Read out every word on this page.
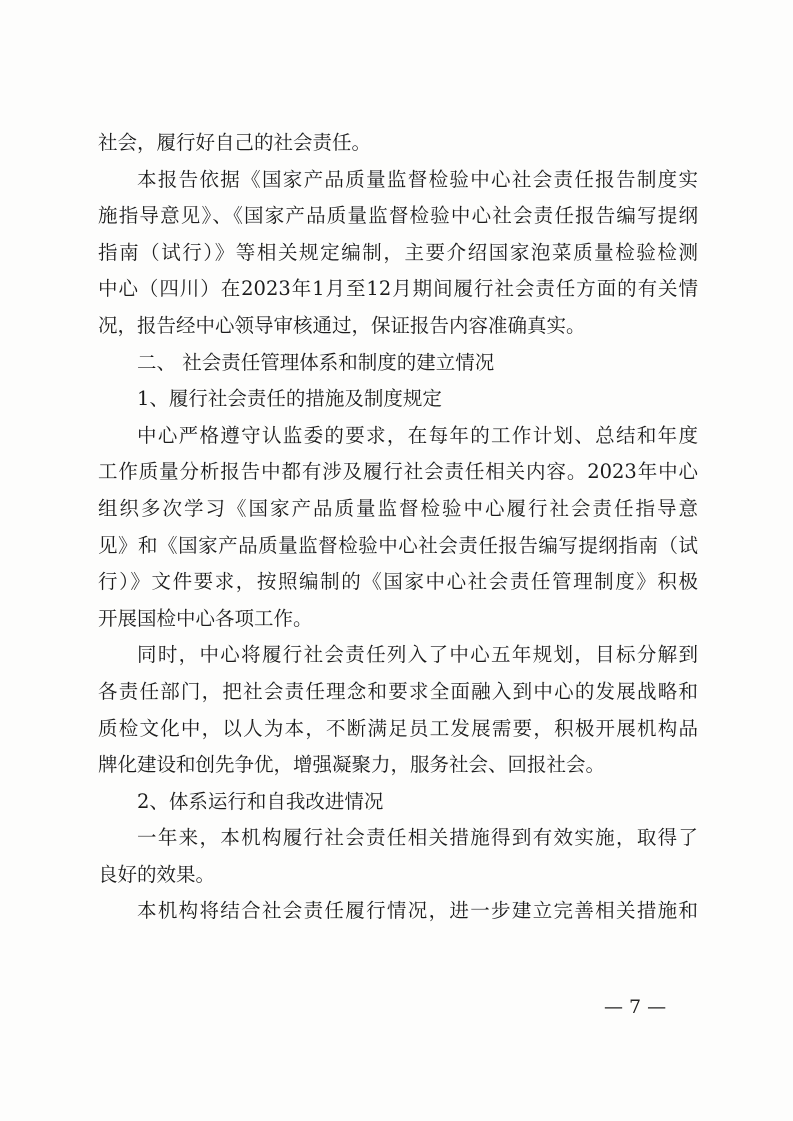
社会，履行好自己的社会责任。
本报告依据《国家产品质量监督检验中心社会责任报告制度实
施指导意见》、《国家产品质量监督检验中心社会责任报告编写提纲
指南（试行）》等相关规定编制，主要介绍国家泡菜质量检验检测
中心（四川）在2023年1月至12月期间履行社会责任方面的有关情
况，报告经中心领导审核通过，保证报告内容准确真实。
二、 社会责任管理体系和制度的建立情况
1、履行社会责任的措施及制度规定
中心严格遵守认监委的要求，在每年的工作计划、总结和年度
工作质量分析报告中都有涉及履行社会责任相关内容。2023年中心
组织多次学习《国家产品质量监督检验中心履行社会责任指导意
见》和《国家产品质量监督检验中心社会责任报告编写提纲指南（试
行）》文件要求，按照编制的《国家中心社会责任管理制度》积极
开展国检中心各项工作。
同时，中心将履行社会责任列入了中心五年规划，目标分解到
各责任部门，把社会责任理念和要求全面融入到中心的发展战略和
质检文化中，以人为本，不断满足员工发展需要，积极开展机构品
牌化建设和创先争优，增强凝聚力，服务社会、回报社会。
2、体系运行和自我改进情况
一年来，本机构履行社会责任相关措施得到有效实施，取得了
良好的效果。
本机构将结合社会责任履行情况，进一步建立完善相关措施和
— 7 —
